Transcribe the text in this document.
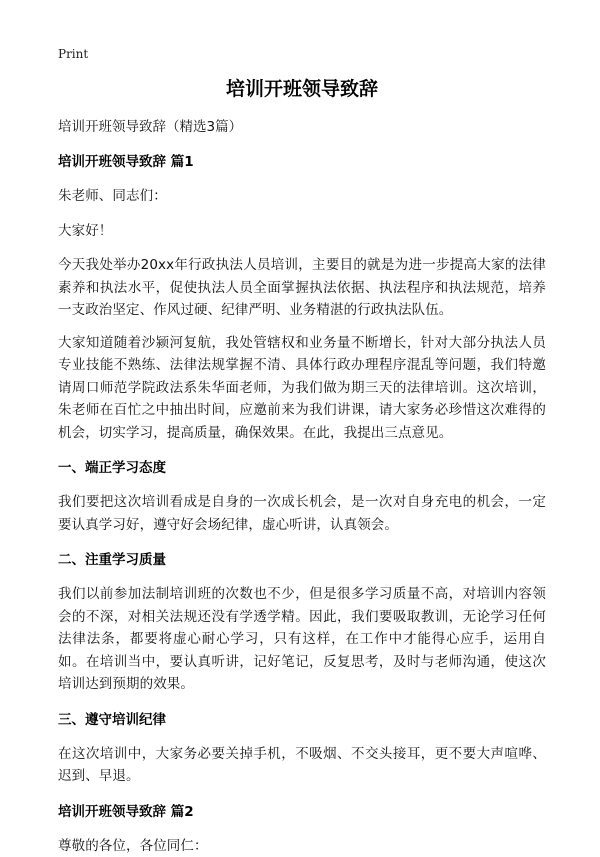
Print
培训开班领导致辞

培训开班领导致辞（精选3篇）

培训开班领导致辞 篇1

朱老师、同志们：

大家好！

今天我处举办20xx年行政执法人员培训，主要目的就是为进一步提高大家的法律素养和执法水平，促使执法人员全面掌握执法依据、执法程序和执法规范，培养一支政治坚定、作风过硬、纪律严明、业务精湛的行政执法队伍。

大家知道随着沙颍河复航，我处管辖权和业务量不断增长，针对大部分执法人员专业技能不熟练、法律法规掌握不清、具体行政办理程序混乱等问题，我们特邀请周口师范学院政法系朱华面老师，为我们做为期三天的法律培训。这次培训，朱老师在百忙之中抽出时间，应邀前来为我们讲课，请大家务必珍惜这次难得的机会，切实学习，提高质量，确保效果。在此，我提出三点意见。

一、端正学习态度

我们要把这次培训看成是自身的一次成长机会，是一次对自身充电的机会，一定要认真学习好，遵守好会场纪律，虚心听讲，认真领会。

二、注重学习质量

我们以前参加法制培训班的次数也不少，但是很多学习质量不高，对培训内容领会的不深，对相关法规还没有学透学精。因此，我们要吸取教训，无论学习任何法律法条，都要将虚心耐心学习，只有这样，在工作中才能得心应手，运用自如。在培训当中，要认真听讲，记好笔记，反复思考，及时与老师沟通，使这次培训达到预期的效果。

三、遵守培训纪律

在这次培训中，大家务必要关掉手机，不吸烟、不交头接耳，更不要大声喧哗、迟到、早退。

培训开班领导致辞 篇2

尊敬的各位，各位同仁：
